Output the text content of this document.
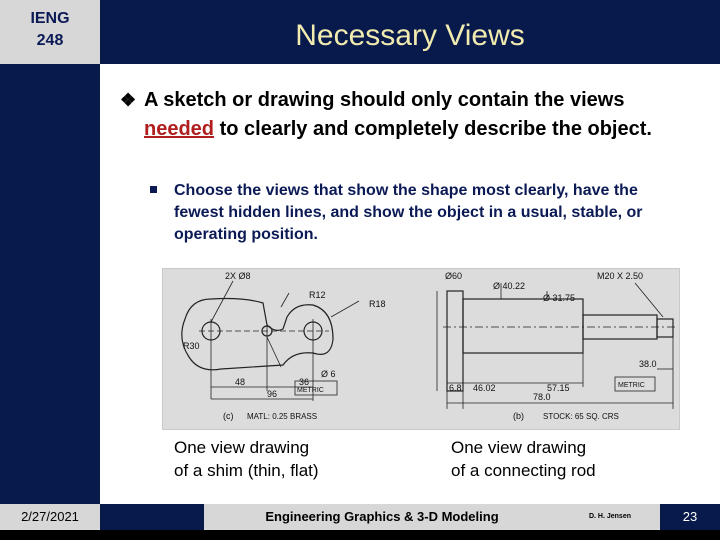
IENG
248	Necessary Views
❖ A sketch or drawing should only contain the views needed to clearly and completely describe the object.
Choose the views that show the shape most clearly, have the fewest hidden lines, and show the object in a usual, stable, or operating position.
2X Ø8
R12
R18
R30
Ø 6
48	36
96	METRIC
(c) MATL: 0.25 BRASS
Ø60
Ø 40.22
Ø 31.75
M20 X 2.50
6.8 46.02	57.15
38.0
METRIC
78.0
(b) STOCK: 65 SQ. CRS
One view drawing
of a shim (thin, flat)
One view drawing
of a connecting rod
2/27/2021	Engineering Graphics & 3-D Modeling	D. H. Jensen	23
